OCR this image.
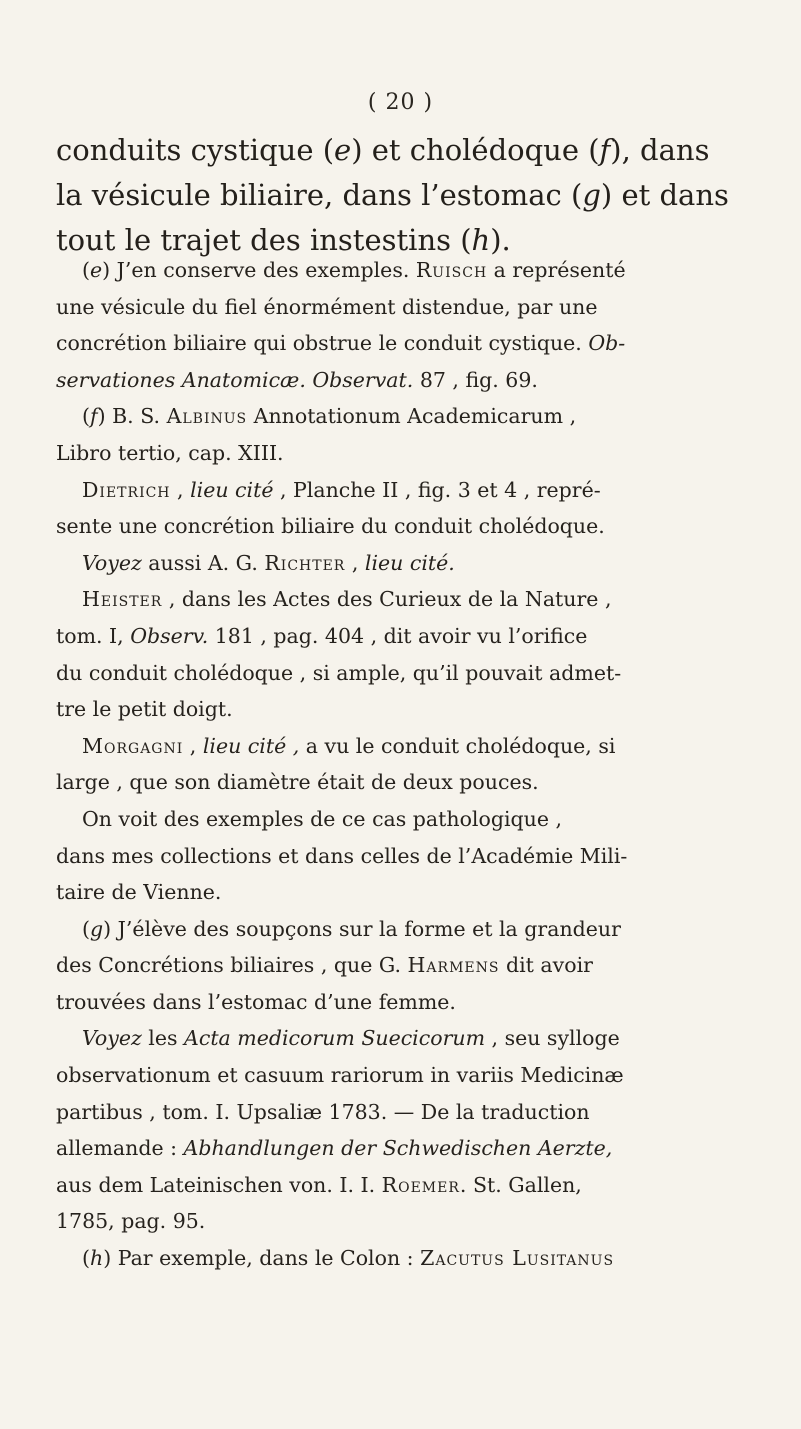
( 20 )
conduits cystique (e) et cholédoque (f), dans
la vésicule biliaire, dans l’estomac (g) et dans
tout le trajet des instestins (h).
(e) J’en conserve des exemples. Ruisch a représenté
une vésicule du fiel énormément distendue, par une
concrétion biliaire qui obstrue le conduit cystique. Ob-
servationes Anatomicæ. Observat. 87 , fig. 69.
(f) B. S. Albinus Annotationum Academicarum ,
Libro tertio, cap. XIII.
Dietrich , lieu cité , Planche II , fig. 3 et 4 , repré-
sente une concrétion biliaire du conduit cholédoque.
Voyez aussi A. G. Richter , lieu cité.
Heister , dans les Actes des Curieux de la Nature ,
tom. I, Observ. 181 , pag. 404 , dit avoir vu l’orifice
du conduit cholédoque , si ample, qu’il pouvait admet-
tre le petit doigt.
Morgagni , lieu cité , a vu le conduit cholédoque, si
large , que son diamètre était de deux pouces.
On voit des exemples de ce cas pathologique ,
dans mes collections et dans celles de l’Académie Mili-
taire de Vienne.
(g) J’élève des soupçons sur la forme et la grandeur
des Concrétions biliaires , que G. Harmens dit avoir
trouvées dans l’estomac d’une femme.
Voyez les Acta medicorum Suecicorum , seu sylloge
observationum et casuum rariorum in variis Medicinæ
partibus , tom. I. Upsaliæ 1783. — De la traduction
allemande : Abhandlungen der Schwedischen Aerzte,
aus dem Lateinischen von. I. I. Roemer. St. Gallen,
1785, pag. 95.
(h) Par exemple, dans le Colon : Zacutus Lusitanus
